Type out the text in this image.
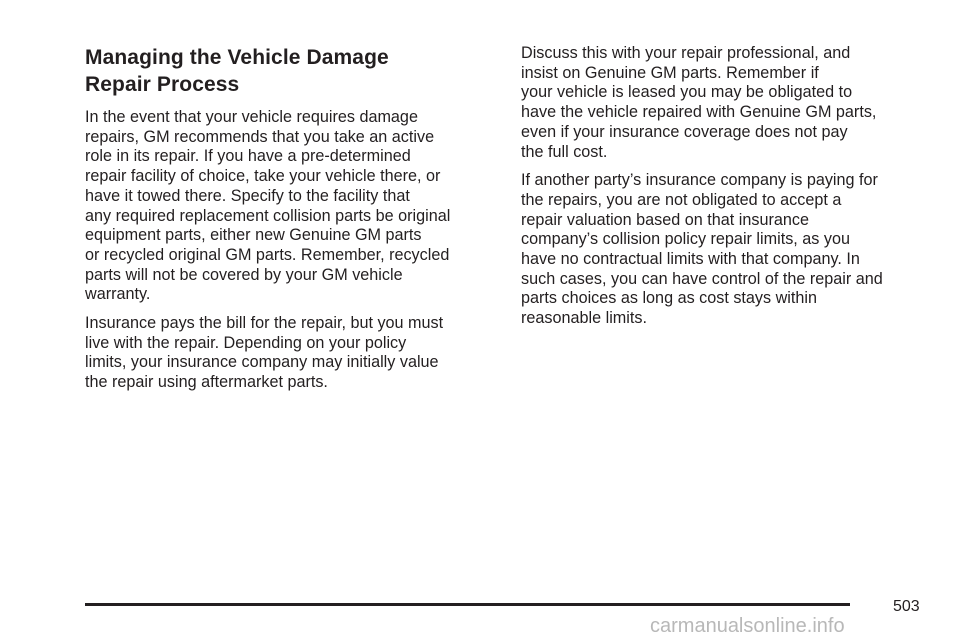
Managing the Vehicle Damage
Repair Process

In the event that your vehicle requires damage
repairs, GM recommends that you take an active
role in its repair. If you have a pre-determined
repair facility of choice, take your vehicle there, or
have it towed there. Specify to the facility that
any required replacement collision parts be original
equipment parts, either new Genuine GM parts
or recycled original GM parts. Remember, recycled
parts will not be covered by your GM vehicle
warranty.

Insurance pays the bill for the repair, but you must
live with the repair. Depending on your policy
limits, your insurance company may initially value
the repair using aftermarket parts.

Discuss this with your repair professional, and
insist on Genuine GM parts. Remember if
your vehicle is leased you may be obligated to
have the vehicle repaired with Genuine GM parts,
even if your insurance coverage does not pay
the full cost.

If another party’s insurance company is paying for
the repairs, you are not obligated to accept a
repair valuation based on that insurance
company’s collision policy repair limits, as you
have no contractual limits with that company. In
such cases, you can have control of the repair and
parts choices as long as cost stays within
reasonable limits.

503
carmanualsonline.info
